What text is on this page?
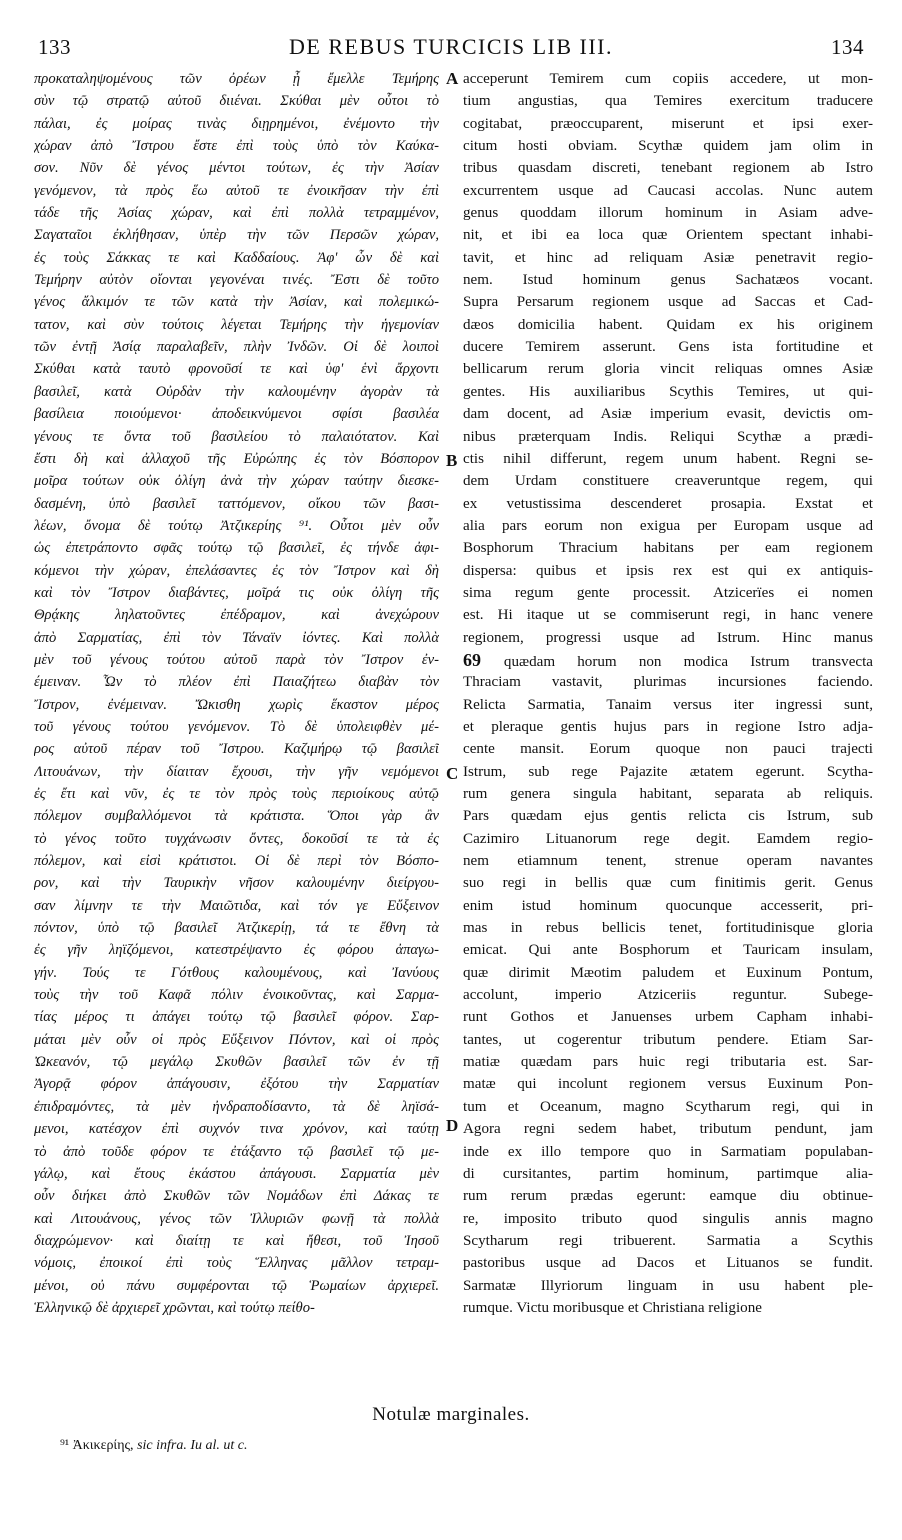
133	DE REBUS TURCICIS LIB III.	134
προκαταληψομένους τῶν ὀρέων ᾗ ἔμελλε Τεμήρης
σὺν τῷ στρατῷ αὐτοῦ διιέναι. Σκύθαι μὲν οὗτοι τὸ
πάλαι, ἐς μοίρας τινὰς διῃρημένοι, ἐνέμοντο τὴν
χώραν ἀπὸ Ἴστρου ἔστε ἐπὶ τοὺς ὑπὸ τὸν Καύκα-
σον. Νῦν δὲ γένος μέντοι τούτων, ἐς τὴν Ἀσίαν
γενόμενον, τὰ πρὸς ἕω αὐτοῦ τε ἐνοικῆσαν τὴν ἐπὶ
τάδε τῆς Ἀσίας χώραν, καὶ ἐπὶ πολλὰ τετραμμένον,
Σαγαταῖοι ἐκλήθησαν, ὑπὲρ τὴν τῶν Περσῶν χώραν,
ἐς τοὺς Σάκκας τε καὶ Καδδαίους. Ἀφ' ὧν δὲ καὶ
Τεμήρην αὐτὸν οἴονται γεγονέναι τινές. Ἔστι δὲ τοῦτο
γένος ἄλκιμόν τε τῶν κατὰ τὴν Ἀσίαν, καὶ πολεμικώ-
τατον, καὶ σὺν τούτοις λέγεται Τεμήρης τὴν ἡγεμονίαν
τῶν ἐντῇ Ἀσίᾳ παραλαβεῖν, πλὴν Ἰνδῶν. Οἱ δὲ λοιποὶ
Σκύθαι κατὰ ταυτὸ φρονοῦσί τε καὶ ὑφ' ἑνὶ ἄρχοντι
βασιλεῖ, κατὰ Οὐρδὰν τὴν καλουμένην ἀγορὰν τὰ
βασίλεια ποιούμενοι· ἀποδεικνύμενοι σφίσι βασιλέα
γένους τε ὄντα τοῦ βασιλείου τὸ παλαιότατον. Καὶ
ἔστι δὴ καὶ ἀλλαχοῦ τῆς Εὐρώπης ἐς τὸν Βόσπορον
μοῖρα τούτων οὐκ ὀλίγη ἀνὰ τὴν χώραν ταύτην διεσκε-
δασμένη, ὑπὸ βασιλεῖ ταττόμενον, οἴκου τῶν βασι-
λέων, ὄνομα δὲ τούτῳ Ἀτζικερίης ⁹¹. Οὗτοι μὲν οὖν
ὡς ἐπετράποντο σφᾶς τούτῳ τῷ βασιλεῖ, ἐς τήνδε ἀφι-
κόμενοι τὴν χώραν, ἐπελάσαντες ἐς τὸν Ἴστρον καὶ δὴ
καὶ τὸν Ἴστρον διαβάντες, μοῖρά τις οὐκ ὀλίγη τῆς
Θρᾴκης ληλατοῦντες ἐπέδραμον, καὶ ἀνεχώρουν
ἀπὸ Σαρματίας, ἐπὶ τὸν Τάναϊν ἰόντες. Καὶ πολλὰ
μὲν τοῦ γένους τούτου αὐτοῦ παρὰ τὸν Ἴστρον ἐν-
έμειναν. Ὧν τὸ πλέον ἐπὶ Παιαζήτεω διαβὰν τὸν
Ἴστρον, ἐνέμειναν. Ὤκισθη χωρὶς ἕκαστον μέρος
τοῦ γένους τούτου γενόμενον. Τὸ δὲ ὑπολειφθὲν μέ-
ρος αὐτοῦ πέραν τοῦ Ἴστρου. Καζιμήρῳ τῷ βασιλεῖ
Λιτουάνων, τὴν δίαιταν ἔχουσι, τὴν γῆν νεμόμενοι
ἐς ἔτι καὶ νῦν, ἐς τε τὸν πρὸς τοὺς περιοίκους αὐτῷ
πόλεμον συμβαλλόμενοι τὰ κράτιστα. Ὅποι γὰρ ἂν
τὸ γένος τοῦτο τυγχάνωσιν ὄντες, δοκοῦσί τε τὰ ἐς
πόλεμον, καὶ εἰσὶ κράτιστοι. Οἱ δὲ περὶ τὸν Βόσπο-
ρον, καὶ τὴν Ταυρικὴν νῆσον καλουμένην διείργου-
σαν λίμνην τε τὴν Μαιῶτιδα, καὶ τόν γε Εὔξεινον
πόντον, ὑπὸ τῷ βασιλεῖ Ἀτζικερίῃ, τά τε ἔθνη τὰ
ἐς γῆν ληϊζόμενοι, κατεστρέψαντο ἐς φόρου ἀπαγω-
γήν. Τούς τε Γότθους καλουμένους, καὶ Ἰανύους
τοὺς τὴν τοῦ Καφᾶ πόλιν ἐνοικοῦντας, καὶ Σαρμα-
τίας μέρος τι ἀπάγει τούτῳ τῷ βασιλεῖ φόρον. Σαρ-
μάται μὲν οὖν οἱ πρὸς Εὔξεινον Πόντον, καὶ οἱ πρὸς
Ὠκεανόν, τῷ μεγάλῳ Σκυθῶν βασιλεῖ τῶν ἐν τῇ
Ἀγορᾷ φόρον ἀπάγουσιν, ἐξότου τὴν Σαρματίαν
ἐπιδραμόντες, τὰ μὲν ἠνδραποδίσαντο, τὰ δὲ ληϊσά-
μενοι, κατέσχον ἐπὶ συχνόν τινα χρόνον, καὶ ταύτῃ
τὸ ἀπὸ τοῦδε φόρον τε ἐτάξαντο τῷ βασιλεῖ τῷ με-
γάλῳ, καὶ ἔτους ἑκάστου ἀπάγουσι. Σαρματία μὲν
οὖν διήκει ἀπὸ Σκυθῶν τῶν Νομάδων ἐπὶ Δάκας τε
καὶ Λιτουάνους, γένος τῶν Ἰλλυριῶν φωνῇ τὰ πολλὰ
διαχρώμενον· καὶ διαίτῃ τε καὶ ἤθεσι, τοῦ Ἰησοῦ
νόμοις, ἐποικοί ἐπὶ τοὺς Ἕλληνας μᾶλλον τετραμ-
μένοι, οὐ πάνυ συμφέρονται τῷ Ῥωμαίων ἀρχιερεῖ.
Ἑλληνικῷ δὲ ἀρχιερεῖ χρῶνται, καὶ τούτῳ πείθο-
acceperunt Temirem cum copiis accedere, ut mon-
tium angustias, qua Temires exercitum traducere
cogitabat, præoccuparent, miserunt et ipsi exer-
citum hosti obviam. Scythæ quidem jam olim in
tribus quasdam discreti, tenebant regionem ab Istro
excurrentem usque ad Caucasi accolas. Nunc autem
genus quoddam illorum hominum in Asiam adve-
nit, et ibi ea loca quæ Orientem spectant inhabi-
tavit, et hinc ad reliquam Asiæ penetravit regio-
nem. Istud hominum genus Sachatæos vocant.
Supra Persarum regionem usque ad Saccas et Cad-
dæos domicilia habent. Quidam ex his originem
ducere Temirem asserunt. Gens ista fortitudine et
bellicarum rerum gloria vincit reliquas omnes Asiæ
gentes. His auxiliaribus Scythis Temires, ut qui-
dam docent, ad Asiæ imperium evasit, devictis om-
nibus præterquam Indis. Reliqui Scythæ a prædi-
ctis nihil differunt, regem unum habent. Regni se-
dem Urdam constituere creaveruntque regem, qui
ex vetustissima descenderet prosapia. Exstat et
alia pars eorum non exigua per Europam usque ad
Bosphorum Thracium habitans per eam regionem
dispersa: quibus et ipsis rex est qui ex antiquis-
sima regum gente processit. Atzicerïes ei nomen
est. Hi itaque ut se commiserunt regi, in hanc venere
regionem, progressi usque ad Istrum. Hinc manus
69 quædam horum non modica Istrum transvecta
Thraciam vastavit, plurimas incursiones faciendo.
Relicta Sarmatia, Tanaim versus iter ingressi sunt,
et pleraque gentis hujus pars in regione Istro adja-
cente mansit. Eorum quoque non pauci trajecti
Istrum, sub rege Pajazite ætatem egerunt. Scytha-
rum genera singula habitant, separata ab reliquis.
Pars quædam ejus gentis relicta cis Istrum, sub
Cazimiro Lituanorum rege degit. Eamdem regio-
nem etiamnum tenent, strenue operam navantes
suo regi in bellis quæ cum finitimis gerit. Genus
enim istud hominum quocunque accesserit, pri-
mas in rebus bellicis tenet, fortitudinisque gloria
emicat. Qui ante Bosphorum et Tauricam insulam,
quæ dirimit Mæotim paludem et Euxinum Pontum,
accolunt, imperio Atziceriis reguntur. Subege-
runt Gothos et Januenses urbem Capham inhabi-
tantes, ut cogerentur tributum pendere. Etiam Sar-
matiæ quædam pars huic regi tributaria est. Sar-
matæ qui incolunt regionem versus Euxinum Pon-
tum et Oceanum, magno Scytharum regi, qui in
Agora regni sedem habet, tributum pendunt, jam
inde ex illo tempore quo in Sarmatiam populaban-
di cursitantes, partim hominum, partimque alia-
rum rerum prædas egerunt: eamque diu obtinue-
re, imposito tributo quod singulis annis magno
Scytharum regi tribuerent. Sarmatia a Scythis
pastoribus usque ad Dacos et Lituanos se fundit.
Sarmatæ Illyriorum linguam in usu habent ple-
rumque. Victu moribusque et Christiana religione
A
B
C
D
Notulæ marginales.
⁹¹ Ἀκικερίης, sic infra. Iu al. ut c.
